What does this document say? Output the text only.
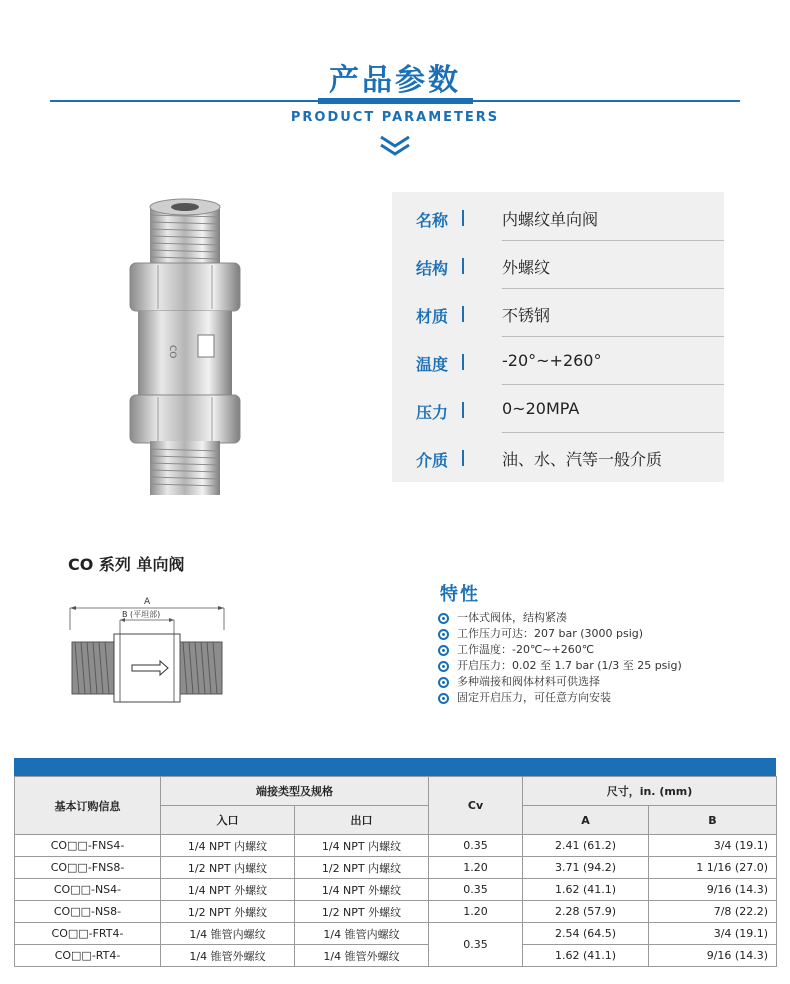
产品参数
PRODUCT PARAMETERS
CO
名称	内螺纹单向阀
结构	外螺纹
材质	不锈钢
温度	-20°~+260°
压力	0~20MPA
介质	油、水、汽等一般介质
CO 系列 单向阀
A
B (平坦部)
特性
一体式阀体，结构紧凑
工作压力可达：207 bar (3000 psig)
工作温度：-20℃~+260℃
开启压力：0.02 至 1.7 bar (1/3 至 25 psig)
多种端接和阀体材料可供选择
固定开启压力，可任意方向安装
基本订购信息	端接类型及规格		Cv	尺寸，in. (mm)	
	入口	出口		A	B
CO□□-FNS4-	1/4 NPT 内螺纹	1/4 NPT 内螺纹	0.35	2.41 (61.2)	3/4 (19.1)
CO□□-FNS8-	1/2 NPT 内螺纹	1/2 NPT 内螺纹	1.20	3.71 (94.2)	1 1/16 (27.0)
CO□□-NS4-	1/4 NPT 外螺纹	1/4 NPT 外螺纹	0.35	1.62 (41.1)	9/16 (14.3)
CO□□-NS8-	1/2 NPT 外螺纹	1/2 NPT 外螺纹	1.20	2.28 (57.9)	7/8 (22.2)
CO□□-FRT4-	1/4 锥管内螺纹	1/4 锥管内螺纹	0.35	2.54 (64.5)	3/4 (19.1)
CO□□-RT4-	1/4 锥管外螺纹	1/4 锥管外螺纹		1.62 (41.1)	9/16 (14.3)
